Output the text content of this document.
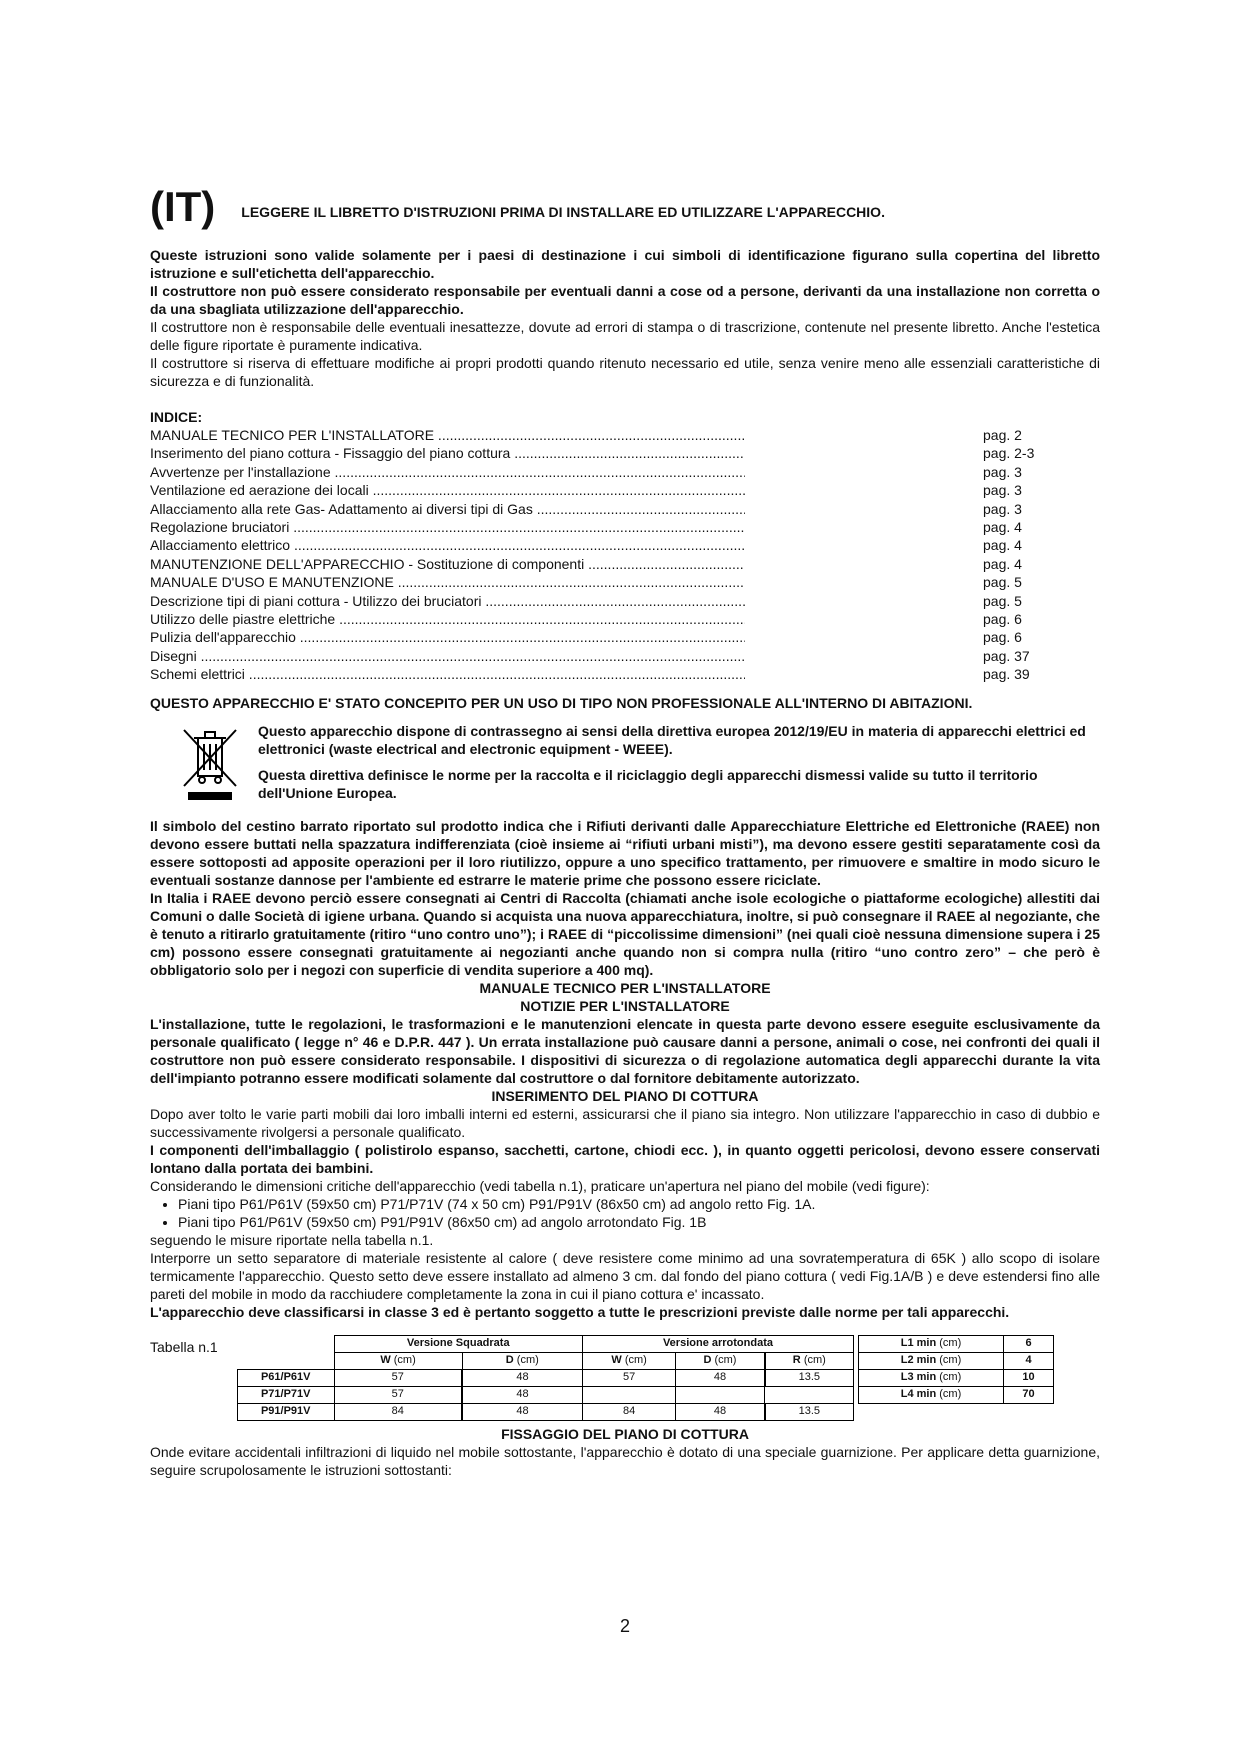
(IT) LEGGERE IL LIBRETTO D'ISTRUZIONI PRIMA DI INSTALLARE ED UTILIZZARE L'APPARECCHIO.

Queste istruzioni sono valide solamente per i paesi di destinazione i cui simboli di identificazione figurano sulla copertina del libretto istruzione e sull'etichetta dell'apparecchio.

Il costruttore non può essere considerato responsabile per eventuali danni a cose od a persone, derivanti da una installazione non corretta o da una sbagliata utilizzazione dell'apparecchio.

Il costruttore non è responsabile delle eventuali inesattezze, dovute ad errori di stampa o di trascrizione, contenute nel presente libretto. Anche l'estetica delle figure riportate è puramente indicativa.

Il costruttore si riserva di effettuare modifiche ai propri prodotti quando ritenuto necessario ed utile, senza venire meno alle essenziali caratteristiche di sicurezza e di funzionalità.

INDICE:
MANUALE TECNICO PER L'INSTALLATORE .....	pag. 2
Inserimento del piano cottura - Fissaggio del piano cottura .....	pag. 2-3
Avvertenze per l'installazione .....	pag. 3
Ventilazione ed aerazione dei locali .....	pag. 3
Allacciamento alla rete Gas- Adattamento ai diversi tipi di Gas .....	pag. 3
Regolazione bruciatori .....	pag. 4
Allacciamento elettrico .....	pag. 4
MANUTENZIONE DELL'APPARECCHIO - Sostituzione di componenti .....	pag. 4
MANUALE D'USO E MANUTENZIONE .....	pag. 5
Descrizione tipi di piani cottura - Utilizzo dei bruciatori .....	pag. 5
Utilizzo delle piastre elettriche .....	pag. 6
Pulizia dell'apparecchio .....	pag. 6
Disegni .....	pag. 37
Schemi elettrici .....	pag. 39
QUESTO APPARECCHIO E' STATO CONCEPITO PER UN USO DI TIPO NON PROFESSIONALE ALL'INTERNO DI ABITAZIONI.
Questo apparecchio dispone di contrassegno ai sensi della direttiva europea 2012/19/EU in materia di apparecchi elettrici ed elettronici (waste electrical and electronic equipment - WEEE).
Questa direttiva definisce le norme per la raccolta e il riciclaggio degli apparecchi dismessi valide su tutto il territorio dell'Unione Europea.

Il simbolo del cestino barrato riportato sul prodotto indica che i Rifiuti derivanti dalle Apparecchiature Elettriche ed Elettroniche (RAEE) non devono essere buttati nella spazzatura indifferenziata (cioè insieme ai “rifiuti urbani misti”), ma devono essere gestiti separatamente così da essere sottoposti ad apposite operazioni per il loro riutilizzo, oppure a uno specifico trattamento, per rimuovere e smaltire in modo sicuro le eventuali sostanze dannose per l'ambiente ed estrarre le materie prime che possono essere riciclate.

In Italia i RAEE devono perciò essere consegnati ai Centri di Raccolta (chiamati anche isole ecologiche o piattaforme ecologiche) allestiti dai Comuni o dalle Società di igiene urbana. Quando si acquista una nuova apparecchiatura, inoltre, si può consegnare il RAEE al negoziante, che è tenuto a ritirarlo gratuitamente (ritiro “uno contro uno”); i RAEE di “piccolissime dimensioni” (nei quali cioè nessuna dimensione supera i 25 cm) possono essere consegnati gratuitamente ai negozianti anche quando non si compra nulla (ritiro “uno contro zero” – che però è obbligatorio solo per i negozi con superficie di vendita superiore a 400 mq).

MANUALE TECNICO PER L'INSTALLATORE
NOTIZIE PER L'INSTALLATORE

L'installazione, tutte le regolazioni, le trasformazioni e le manutenzioni elencate in questa parte devono essere eseguite esclusivamente da personale qualificato ( legge n° 46 e D.P.R. 447 ). Un errata installazione può causare danni a persone, animali o cose, nei confronti dei quali il costruttore non può essere considerato responsabile. I dispositivi di sicurezza o di regolazione automatica degli apparecchi durante la vita dell'impianto potranno essere modificati solamente dal costruttore o dal fornitore debitamente autorizzato.

INSERIMENTO DEL PIANO DI COTTURA

Dopo aver tolto le varie parti mobili dai loro imballi interni ed esterni, assicurarsi che il piano sia integro. Non utilizzare l'apparecchio in caso di dubbio e successivamente rivolgersi a personale qualificato.

I componenti dell'imballaggio ( polistirolo espanso, sacchetti, cartone, chiodi ecc. ), in quanto oggetti pericolosi, devono essere conservati lontano dalla portata dei bambini.

Considerando le dimensioni critiche dell'apparecchio (vedi tabella n.1), praticare un'apertura nel piano del mobile (vedi figure):

• Piani tipo P61/P61V (59x50 cm) P71/P71V (74 x 50 cm) P91/P91V (86x50 cm) ad angolo retto Fig. 1A.
• Piani tipo P61/P61V (59x50 cm) P91/P91V (86x50 cm) ad angolo arrotondato Fig. 1B

seguendo le misure riportate nella tabella n.1.

Interporre un setto separatore di materiale resistente al calore ( deve resistere come minimo ad una sovratemperatura di 65K ) allo scopo di isolare termicamente l'apparecchio. Questo setto deve essere installato ad almeno 3 cm. dal fondo del piano cottura ( vedi Fig.1A/B ) e deve estendersi fino alle pareti del mobile in modo da racchiudere completamente la zona in cui il piano cottura e' incassato.

L'apparecchio deve classificarsi in classe 3 ed è pertanto soggetto a tutte le prescrizioni previste dalle norme per tali apparecchi.

Tabella n.1
		Versione Squadrata		Versione arrotondata		
	W (cm)	D (cm)	W (cm)	D (cm)	R (cm)
P61/P61V	57	48	57	48	13.5
P71/P71V	57	48			
P91/P91V	84	48	84	48	13.5
L1 min (cm)	6
L2 min (cm)	4
L3 min (cm)	10
L4 min (cm)	70
FISSAGGIO DEL PIANO DI COTTURA

Onde evitare accidentali infiltrazioni di liquido nel mobile sottostante, l'apparecchio è dotato di una speciale guarnizione. Per applicare detta guarnizione, seguire scrupolosamente le istruzioni sottostanti:

2
